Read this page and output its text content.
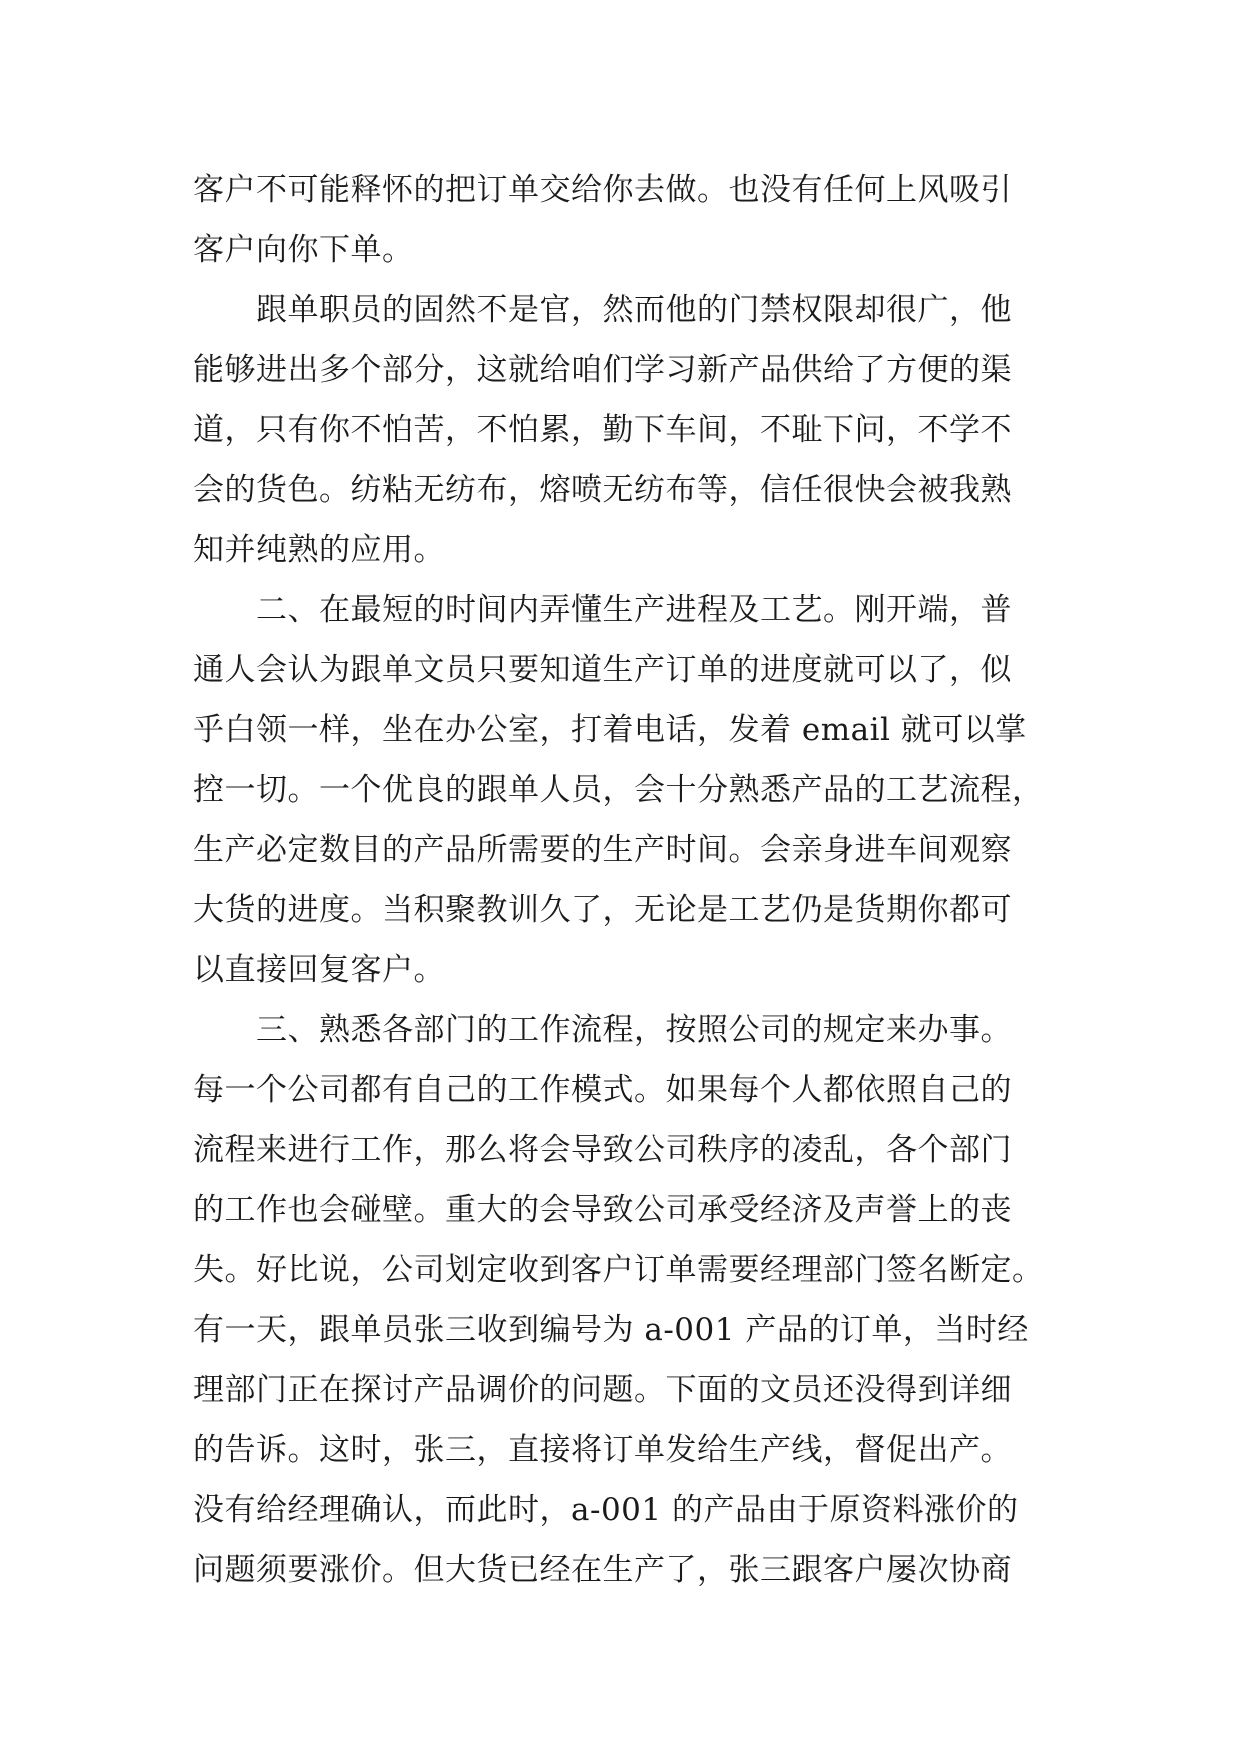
客户不可能释怀的把订单交给你去做。也没有任何上风吸引
客户向你下单。
　　跟单职员的固然不是官，然而他的门禁权限却很广，他
能够进出多个部分，这就给咱们学习新产品供给了方便的渠
道，只有你不怕苦，不怕累，勤下车间，不耻下问，不学不
会的货色。纺粘无纺布，熔喷无纺布等，信任很快会被我熟
知并纯熟的应用。
　　二、在最短的时间内弄懂生产进程及工艺。刚开端，普
通人会认为跟单文员只要知道生产订单的进度就可以了，似
乎白领一样，坐在办公室，打着电话，发着 email 就可以掌
控一切。一个优良的跟单人员，会十分熟悉产品的工艺流程，
生产必定数目的产品所需要的生产时间。会亲身进车间观察
大货的进度。当积聚教训久了，无论是工艺仍是货期你都可
以直接回复客户。
　　三、熟悉各部门的工作流程，按照公司的规定来办事。
每一个公司都有自己的工作模式。如果每个人都依照自己的
流程来进行工作，那么将会导致公司秩序的凌乱，各个部门
的工作也会碰壁。重大的会导致公司承受经济及声誉上的丧
失。好比说，公司划定收到客户订单需要经理部门签名断定。
有一天，跟单员张三收到编号为 a-001 产品的订单，当时经
理部门正在探讨产品调价的问题。下面的文员还没得到详细
的告诉。这时，张三，直接将订单发给生产线，督促出产。
没有给经理确认，而此时，a-001 的产品由于原资料涨价的
问题须要涨价。但大货已经在生产了，张三跟客户屡次协商
